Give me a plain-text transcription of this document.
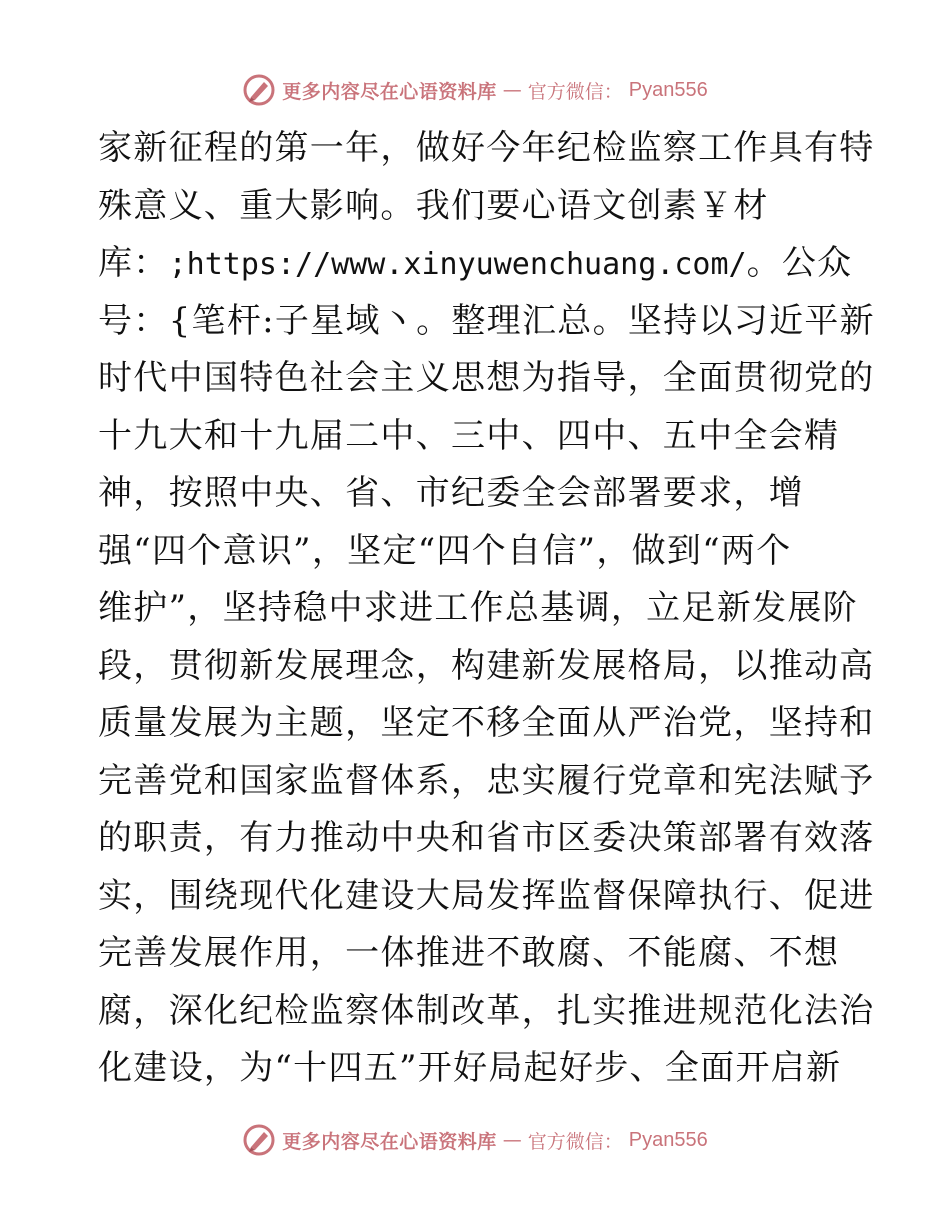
更多内容尽在心语资料库 — 官方微信： Pyan556
家新征程的第一年，做好今年纪检监察工作具有特
殊意义、重大影响。我们要心语文创素￥材
库：;https://www.xinyuwenchuang.com/。公众
号：{笔杆:子星域丶。整理汇总。坚持以习近平新
时代中国特色社会主义思想为指导，全面贯彻党的
十九大和十九届二中、三中、四中、五中全会精
神，按照中央、省、市纪委全会部署要求，增
强“四个意识”，坚定“四个自信”，做到“两个
维护”，坚持稳中求进工作总基调，立足新发展阶
段，贯彻新发展理念，构建新发展格局，以推动高
质量发展为主题，坚定不移全面从严治党，坚持和
完善党和国家监督体系，忠实履行党章和宪法赋予
的职责，有力推动中央和省市区委决策部署有效落
实，围绕现代化建设大局发挥监督保障执行、促进
完善发展作用，一体推进不敢腐、不能腐、不想
腐，深化纪检监察体制改革，扎实推进规范化法治
化建设，为“十四五”开好局起好步、全面开启新
更多内容尽在心语资料库 — 官方微信： Pyan556
